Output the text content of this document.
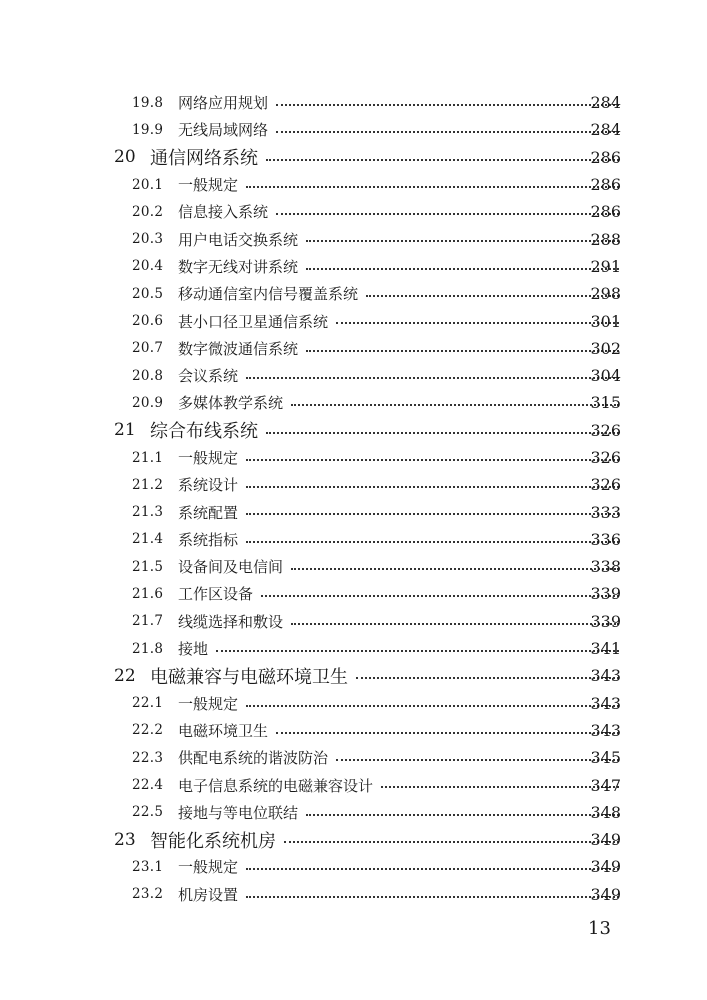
19.8 网络应用规划	284
19.9 无线局域网络	284
20 通信网络系统	286
20.1 一般规定	286
20.2 信息接入系统	286
20.3 用户电话交换系统	288
20.4 数字无线对讲系统	291
20.5 移动通信室内信号覆盖系统	298
20.6 甚小口径卫星通信系统	301
20.7 数字微波通信系统	302
20.8 会议系统	304
20.9 多媒体教学系统	315
21 综合布线系统	326
21.1 一般规定	326
21.2 系统设计	326
21.3 系统配置	333
21.4 系统指标	336
21.5 设备间及电信间	338
21.6 工作区设备	339
21.7 线缆选择和敷设	339
21.8 接地	341
22 电磁兼容与电磁环境卫生	343
22.1 一般规定	343
22.2 电磁环境卫生	343
22.3 供配电系统的谐波防治	345
22.4 电子信息系统的电磁兼容设计	347
22.5 接地与等电位联结	348
23 智能化系统机房	349
23.1 一般规定	349
23.2 机房设置	349
13
